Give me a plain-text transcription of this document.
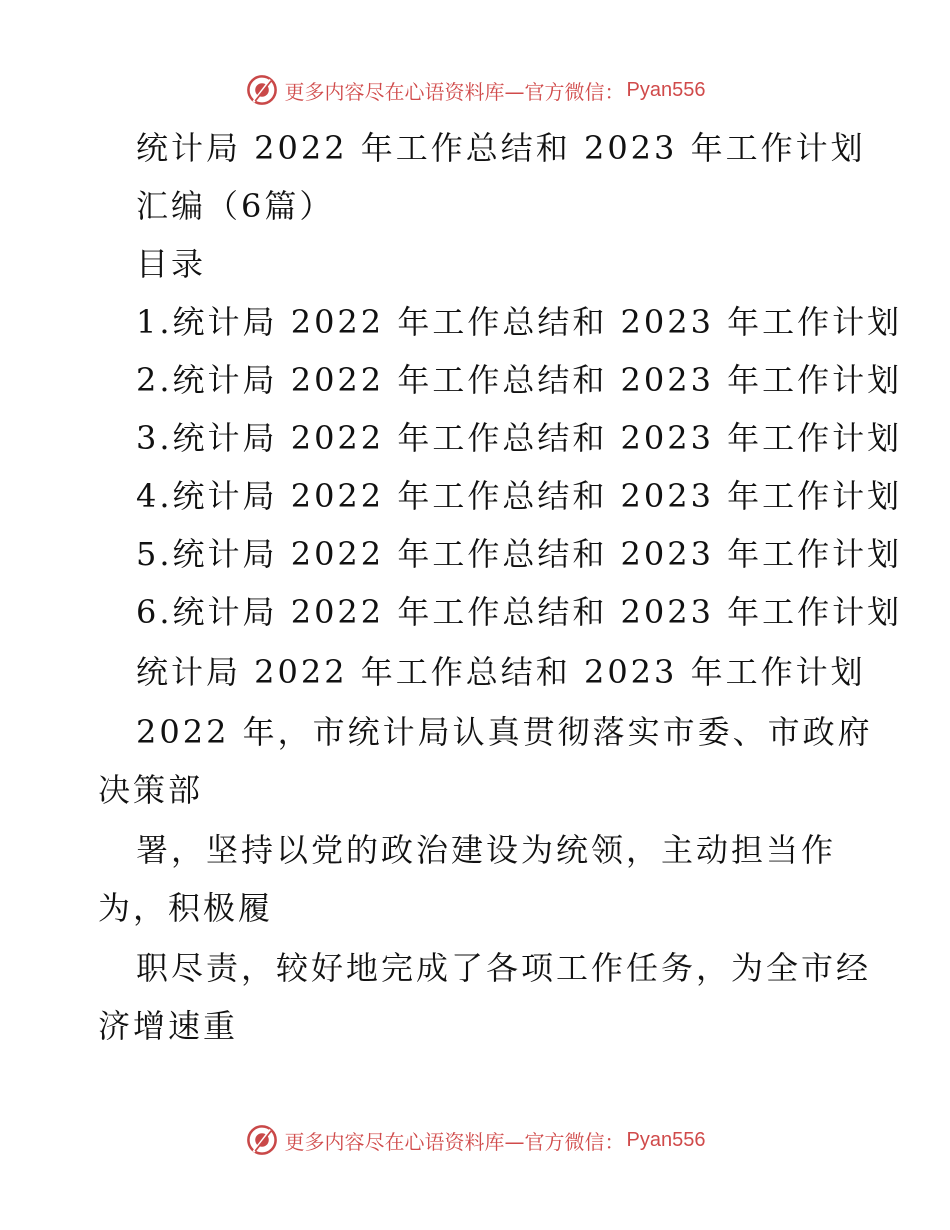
更多内容尽在心语资料库—官方微信： Pyan556
统计局 2022 年工作总结和 2023 年工作计划
汇编（6篇）
目录
1.统计局 2022 年工作总结和 2023 年工作计划
2.统计局 2022 年工作总结和 2023 年工作计划
3.统计局 2022 年工作总结和 2023 年工作计划
4.统计局 2022 年工作总结和 2023 年工作计划
5.统计局 2022 年工作总结和 2023 年工作计划
6.统计局 2022 年工作总结和 2023 年工作计划
统计局 2022 年工作总结和 2023 年工作计划
2022 年，市统计局认真贯彻落实市委、市政府
决策部
署，坚持以党的政治建设为统领，主动担当作
为，积极履
职尽责，较好地完成了各项工作任务，为全市经
济增速重
更多内容尽在心语资料库—官方微信： Pyan556
